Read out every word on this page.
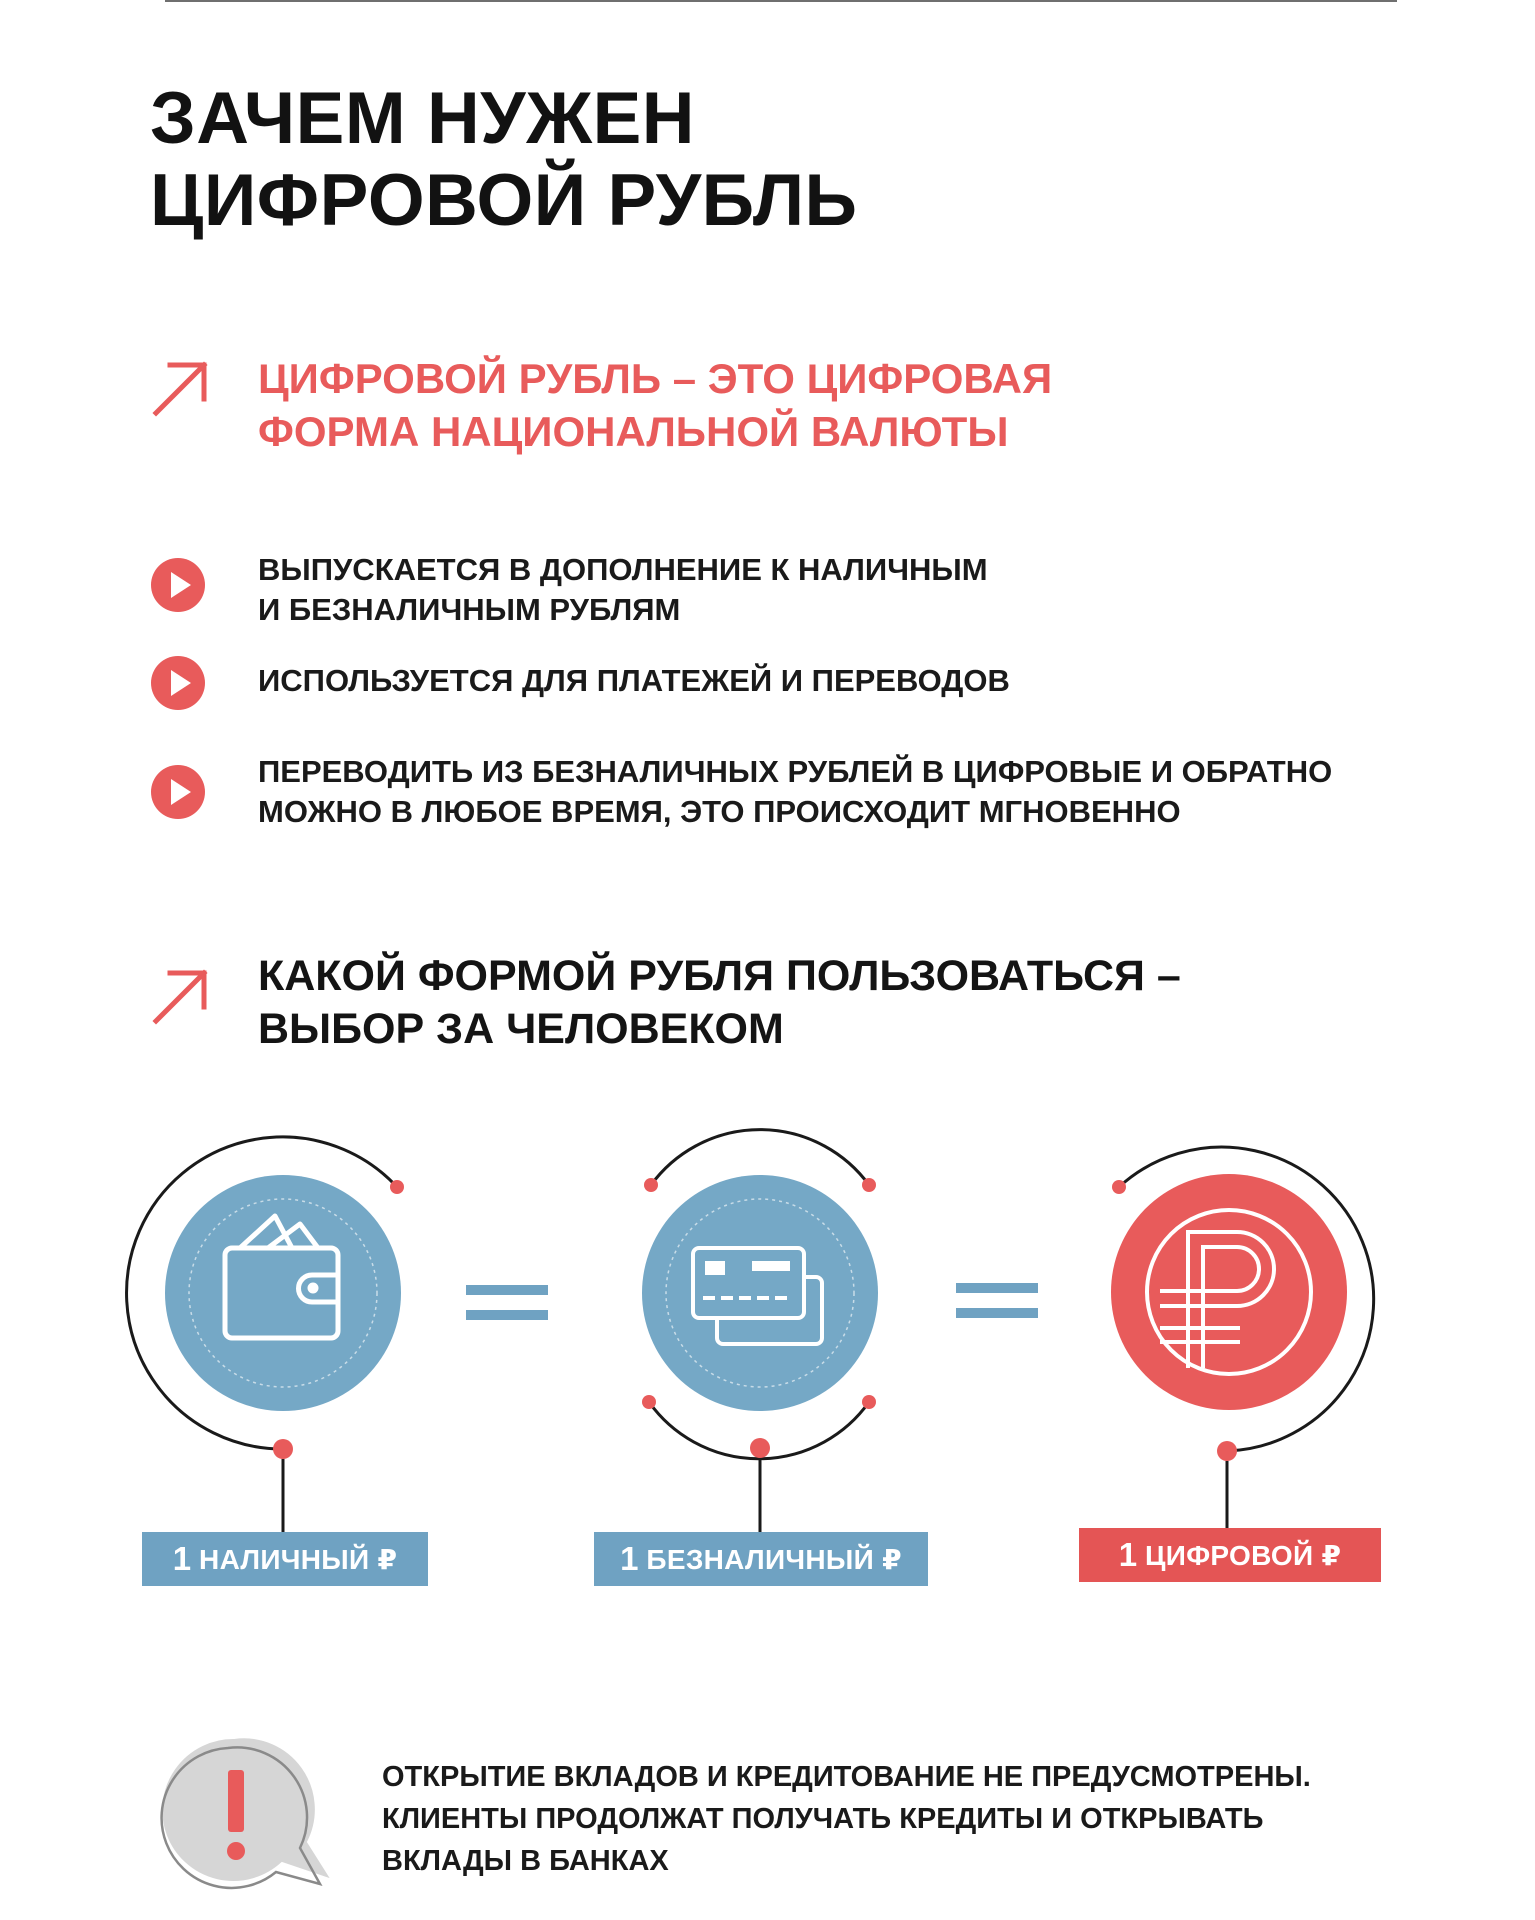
ЗАЧЕМ НУЖЕН
ЦИФРОВОЙ РУБЛЬ
ЦИФРОВОЙ РУБЛЬ – ЭТО ЦИФРОВАЯ
ФОРМА НАЦИОНАЛЬНОЙ ВАЛЮТЫ

ВЫПУСКАЕТСЯ В ДОПОЛНЕНИЕ К НАЛИЧНЫМ
И БЕЗНАЛИЧНЫМ РУБЛЯМ

ИСПОЛЬЗУЕТСЯ ДЛЯ ПЛАТЕЖЕЙ И ПЕРЕВОДОВ

ПЕРЕВОДИТЬ ИЗ БЕЗНАЛИЧНЫХ РУБЛЕЙ В ЦИФРОВЫЕ И ОБРАТНО
МОЖНО В ЛЮБОЕ ВРЕМЯ, ЭТО ПРОИСХОДИТ МГНОВЕННО

КАКОЙ ФОРМОЙ РУБЛЯ ПОЛЬЗОВАТЬСЯ –
ВЫБОР ЗА ЧЕЛОВЕКОМ
1 НАЛИЧНЫЙ ₽	1 БЕЗНАЛИЧНЫЙ ₽	1 ЦИФРОВОЙ ₽

ОТКРЫТИЕ ВКЛАДОВ И КРЕДИТОВАНИЕ НЕ ПРЕДУСМОТРЕНЫ.
КЛИЕНТЫ ПРОДОЛЖАТ ПОЛУЧАТЬ КРЕДИТЫ И ОТКРЫВАТЬ
ВКЛАДЫ В БАНКАХ
